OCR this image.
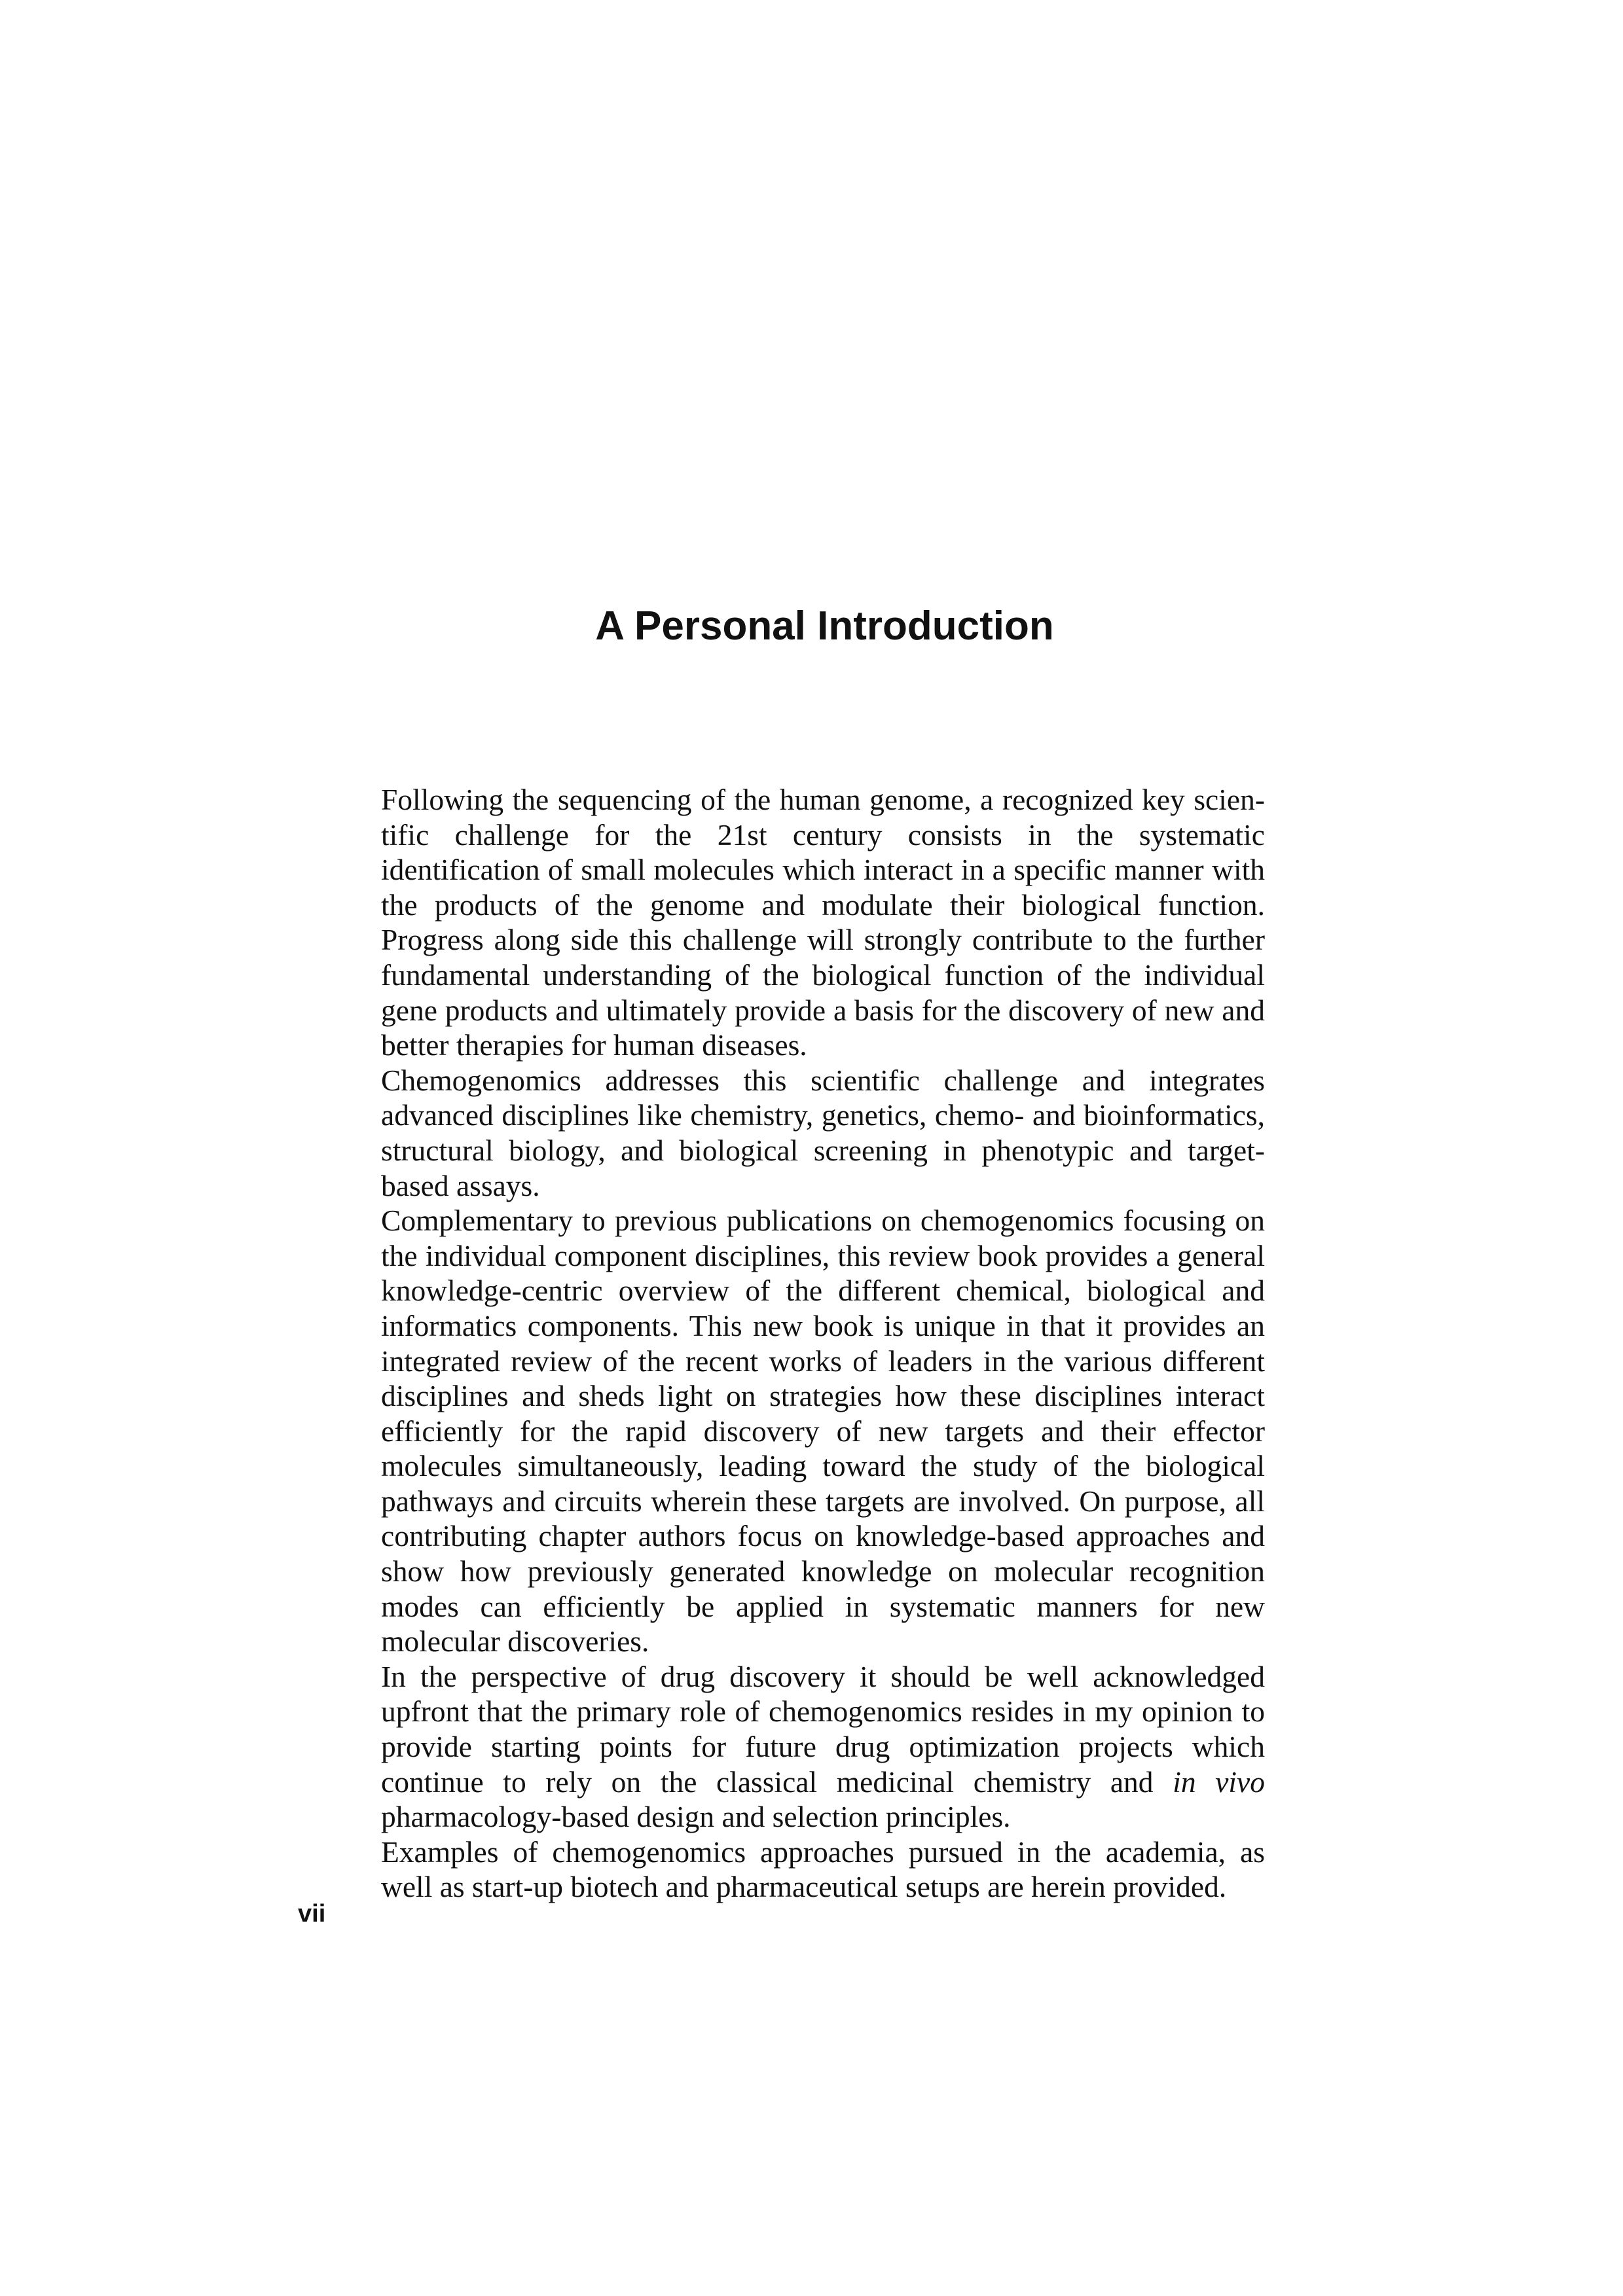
A Personal Introduction

Following the sequencing of the human genome, a recognized key scientific challenge for the 21st century consists in the systematic identification of small molecules which interact in a specific manner with the products of the genome and modulate their biological function. Progress along side this challenge will strongly contribute to the further fundamental understanding of the biological function of the individual gene products and ultimately provide a basis for the discovery of new and better therapies for human diseases.

Chemogenomics addresses this scientific challenge and integrates advanced disciplines like chemistry, genetics, chemo- and bioinformatics, structural biology, and biological screening in phenotypic and target-based assays.

Complementary to previous publications on chemogenomics focusing on the individual component disciplines, this review book provides a general knowledge-centric overview of the different chemical, biological and informatics components. This new book is unique in that it provides an integrated review of the recent works of leaders in the various different disciplines and sheds light on strategies how these disciplines interact efficiently for the rapid discovery of new targets and their effector molecules simultaneously, leading toward the study of the biological pathways and circuits wherein these targets are involved. On purpose, all contributing chapter authors focus on knowledge-based approaches and show how previously generated knowledge on molecular recognition modes can efficiently be applied in systematic manners for new molecular discoveries.

In the perspective of drug discovery it should be well acknowledged upfront that the primary role of chemogenomics resides in my opinion to provide starting points for future drug optimization projects which continue to rely on the classical medicinal chemistry and in vivo pharmacology-based design and selection principles.

Examples of chemogenomics approaches pursued in the academia, as well as start-up biotech and pharmaceutical setups are herein provided.

vii
